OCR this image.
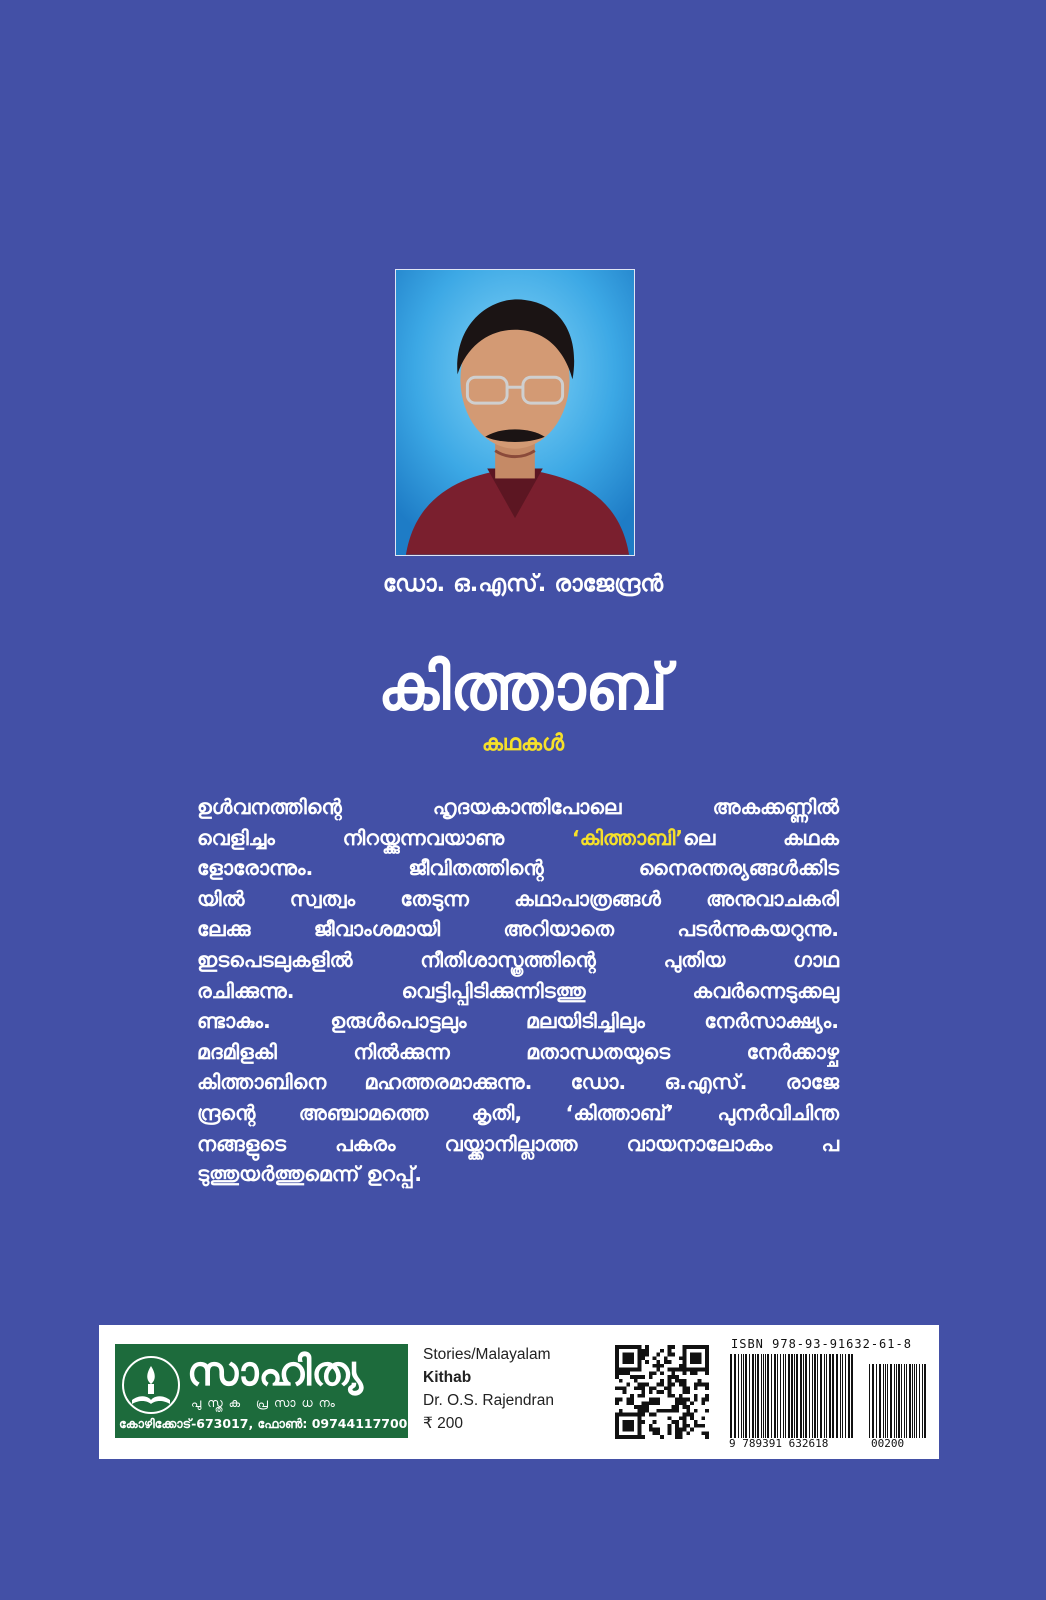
ഡോ. ഒ.എസ്. രാജേന്ദ്രൻ
കിത്താബ്
കഥകൾ
ഉൾവനത്തിന്റെ ഹൃദയകാന്തിപോലെ അകക്കണ്ണിൽ
വെളിച്ചം നിറയ്ക്കുന്നവയാണു ‘കിത്താബി’ലെ കഥക
ളോരോന്നും. ജീവിതത്തിന്റെ നൈരന്തര്യങ്ങൾക്കിട
യിൽ സ്വത്വം തേടുന്ന കഥാപാത്രങ്ങൾ അനുവാചകരി
ലേക്കു ജീവാംശമായി അറിയാതെ പടർന്നുകയറുന്നു.
ഇടപെടലുകളിൽ നീതിശാസ്ത്രത്തിന്റെ പുതിയ ഗാഥ
രചിക്കുന്നു. വെട്ടിപ്പിടിക്കുന്നിടത്തു കവർന്നെടുക്കലു
ണ്ടാകും. ഉരുൾപൊട്ടലും മലയിടിച്ചിലും നേർസാക്ഷ്യം.
മദമിളകി നിൽക്കുന്ന മതാന്ധതയുടെ നേർക്കാഴ്ച
കിത്താബിനെ മഹത്തരമാക്കുന്നു. ഡോ. ഒ.എസ്. രാജേ
ന്ദ്രന്റെ അഞ്ചാമത്തെ കൃതി, ‘കിത്താബ്’ പുനർവിചിന്ത
നങ്ങളുടെ പകരം വയ്ക്കാനില്ലാത്ത വായനാലോകം പ
ടുത്തുയർത്തുമെന്ന് ഉറപ്പ്.
സാഹിത്യ
പുസ്തക പ്രസാധനം
കോഴിക്കോട്-673017, ഫോൺ: 09744117700
Stories/Malayalam
Kithab
Dr. O.S. Rajendran
₹ 200
ISBN 978-93-91632-61-8
9 789391 632618	00200
